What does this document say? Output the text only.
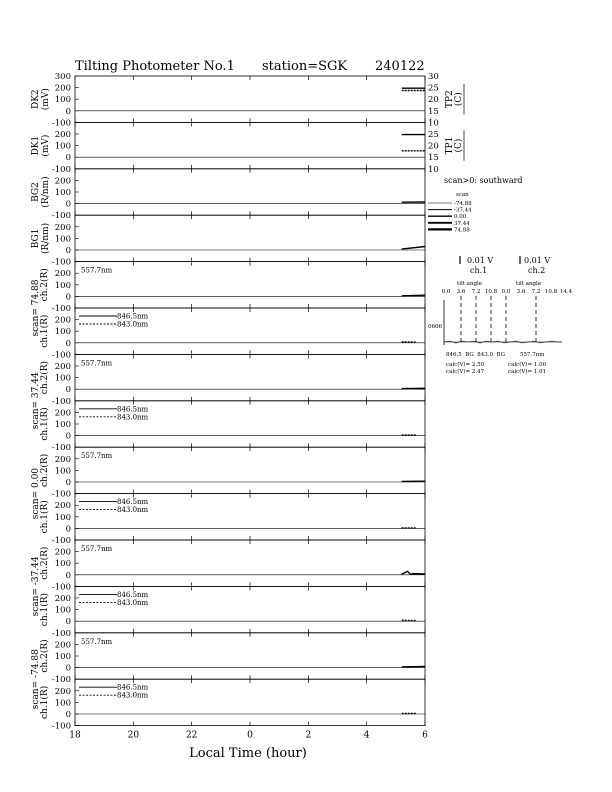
Tilting Photometer No.1 station=SGK 240122
300
200
100
0
-100
DK2 (mV)
30
25
20
15
10
TP2 (C)
200
100
0
-100
DK1 (mV)	25
20
15
10
TP1 (C)
200
100
0
-100
BG2 (R/nm)
200
100
0
-100
BG1 (R/nm)
200
100
0
-100
ch.2(R)
scan= 74.88
557.7nm
200
100
0
-100
ch.1(R)	846.5nm
843.0nm
200
100
0
-100
ch.2(R)
scan= 37.44
557.7nm
200
100
0
-100
ch.1(R)	846.5nm
843.0nm
200
100
0
-100
ch.2(R)
scan= 0.00
557.7nm
200
100
0
-100
ch.1(R)	846.5nm
843.0nm
200
100
0
-100
ch.2(R)
scan= -37.44
557.7nm
200
100
0
-100
ch.1(R)	846.5nm
843.0nm
200
100
0
-100
ch.2(R)
scan= -74.88
557.7nm
200
100
0
-100
ch.1(R)	846.5nm
843.0nm
18	20	22	0	2	4	6
Local Time (hour)
scan>0: southward
scan
-74.88
-37.44
0.00
37.44
74.88
0.01 V	0.01 V
ch.1	ch.2
tilt angle	tilt angle
0.0 3.6 7.2 10.8 0.0 3.6 7.2 10.8 14.4
0606
846.5  BG  843.0  BG	557.7nm
calc(V)= 2.50
calc(V)= 2.47
calc(V)= 1.00
calc(V)= 1.01
